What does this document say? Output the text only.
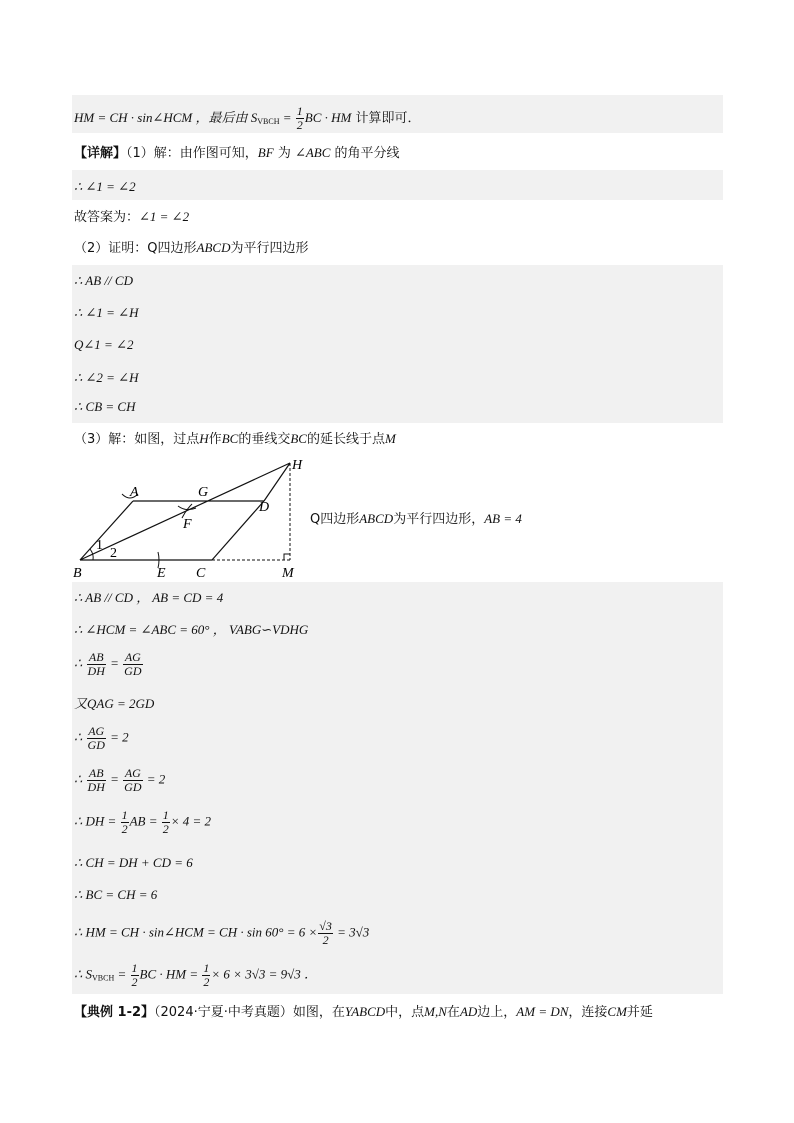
HM = CH · sin∠HCM ，最后由 $S_{VBCH} = \frac{1}{2}$ BC · HM 计算即可．
【详解】（1）解：由作图可知，BF 为 ∠ABC 的角平分线
∴ ∠1 = ∠2
故答案为：∠1 = ∠2
（2）证明：Q四边形ABCD为平行四边形
∴ AB // CD
∴ ∠1 = ∠H
Q∠1 = ∠2
∴ ∠2 = ∠H
∴ CB = CH
（3）解：如图，过点H作BC的垂线交BC的延长线于点M
A	G
D
H
F
B	E C	M
1
2
Q四边形ABCD为平行四边形，AB = 4
∴ AB // CD ， AB = CD = 4
∴ ∠HCM = ∠ABC = 60° ， VABG∽VDHG
∴ $\frac{AB}{DH} = \frac{AG}{GD}$
又QAG = 2GD
∴ $\frac{AG}{GD} = 2$
∴ $\frac{AB}{DH} = \frac{AG}{GD} = 2$
∴ DH = $\frac{1}{2}$ AB = $\frac{1}{2} \times 4 = 2$
∴ CH = DH + CD = 6
∴ BC = CH = 6
∴ HM = CH · sin∠HCM = CH · $\sin 60^\circ = 6 \times \frac{√3}{2} = 3√3$
∴ $S_{VBCH} = \frac{1}{2}$ BC · HM = $\frac{1}{2} \times 6 \times 3√3 = 9√3$ ．
【典例 1-2】（2024·宁夏·中考真题）如图，在YABCD中，点M,N在AD边上，AM = DN，连接CM并延
